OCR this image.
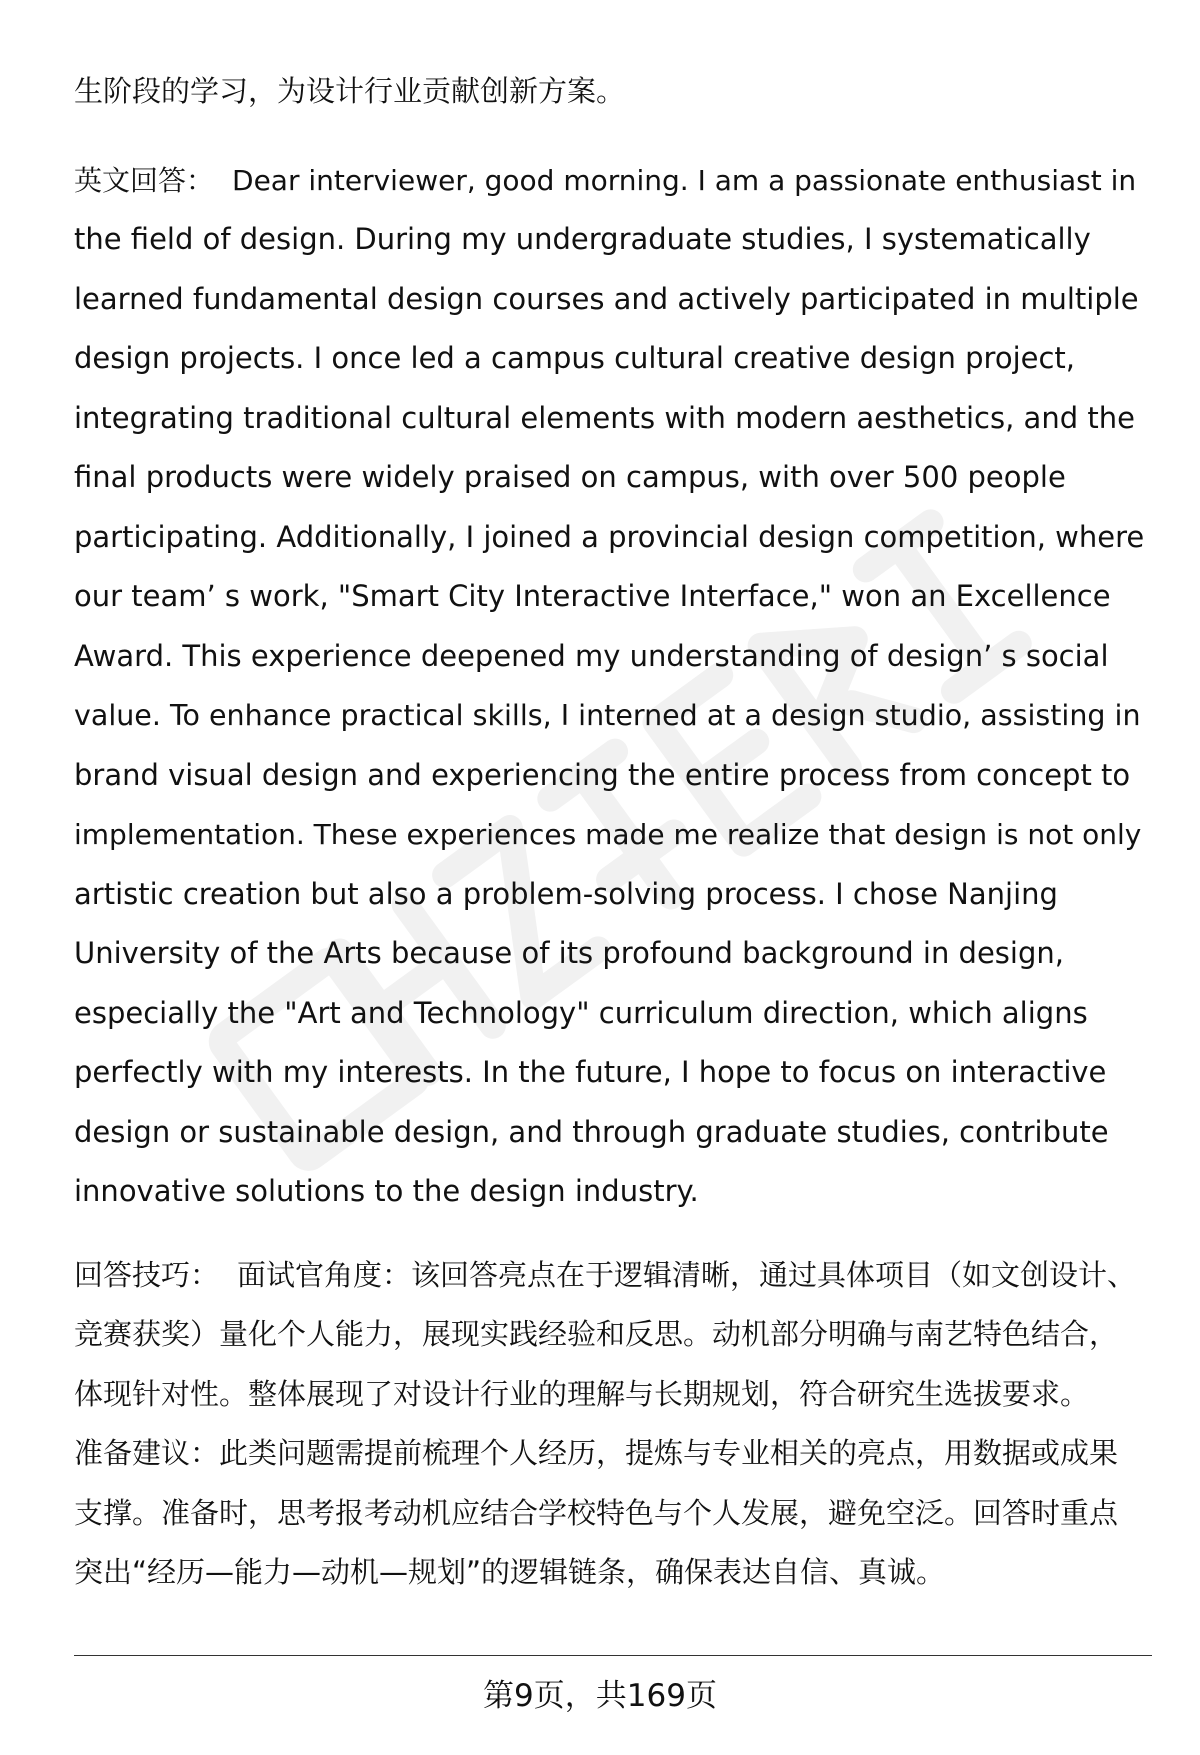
生阶段的学习，为设计行业贡献创新方案。
英文回答： Dear interviewer, good morning. I am a passionate enthusiast in
the field of design. During my undergraduate studies, I systematically
learned fundamental design courses and actively participated in multiple
design projects. I once led a campus cultural creative design project,
integrating traditional cultural elements with modern aesthetics, and the
final products were widely praised on campus, with over 500 people
participating. Additionally, I joined a provincial design competition, where
our team’ s work, "Smart City Interactive Interface," won an Excellence
Award. This experience deepened my understanding of design’ s social
value. To enhance practical skills, I interned at a design studio, assisting in
brand visual design and experiencing the entire process from concept to
implementation. These experiences made me realize that design is not only
artistic creation but also a problem-solving process. I chose Nanjing
University of the Arts because of its profound background in design,
especially the "Art and Technology" curriculum direction, which aligns
perfectly with my interests. In the future, I hope to focus on interactive
design or sustainable design, and through graduate studies, contribute
innovative solutions to the design industry.
回答技巧： 面试官角度：该回答亮点在于逻辑清晰，通过具体项目（如文创设计、
竞赛获奖）量化个人能力，展现实践经验和反思。动机部分明确与南艺特色结合，
体现针对性。整体展现了对设计行业的理解与长期规划，符合研究生选拔要求。
准备建议：此类问题需提前梳理个人经历，提炼与专业相关的亮点，用数据或成果
支撑。准备时，思考报考动机应结合学校特色与个人发展，避免空泛。回答时重点
突出“经历—能力—动机—规划”的逻辑链条，确保表达自信、真诚。
第9页，共169页
